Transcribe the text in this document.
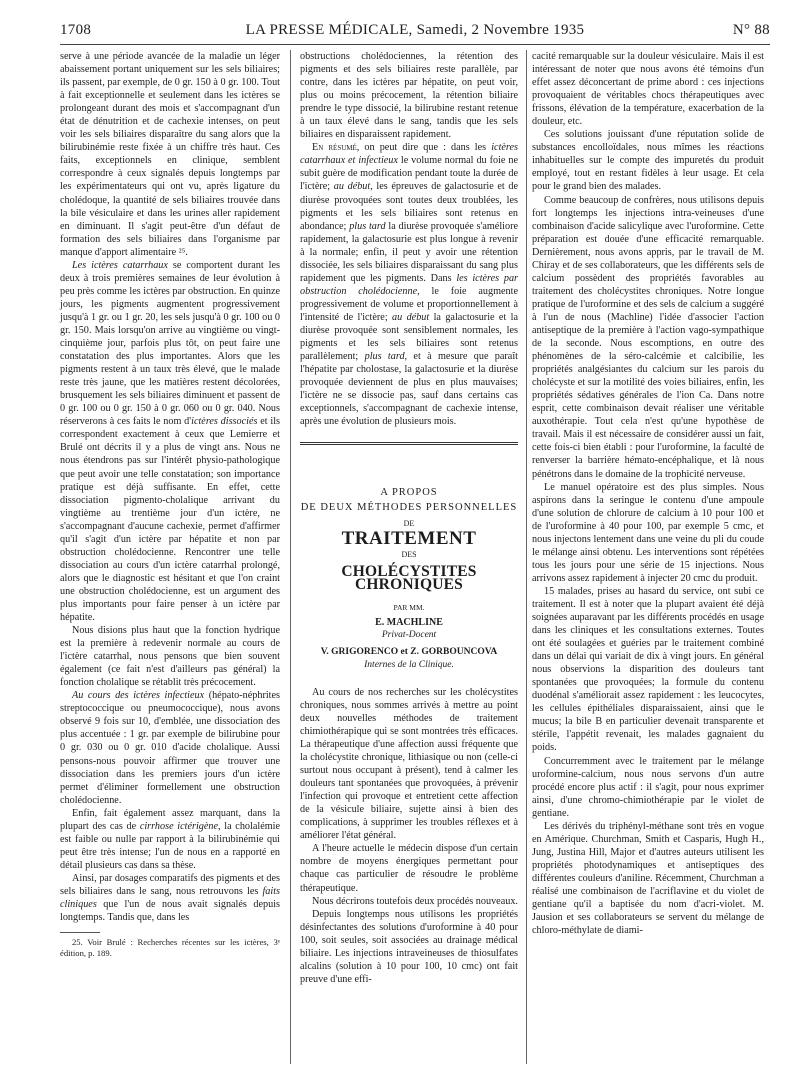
1708	LA PRESSE MÉDICALE, Samedi, 2 Novembre 1935	N° 88

serve à une période avancée de la maladie un léger abaissement portant uniquement sur les sels biliaires; ils passent, par exemple, de 0 gr. 150 à 0 gr. 100. Tout à fait exceptionnelle et seulement dans les ictères se prolongeant durant des mois et s'accompagnant d'un état de dénutrition et de cachexie intenses, on peut voir les sels biliaires disparaître du sang alors que la bilirubinémie reste fixée à un chiffre très haut. Ces faits, exceptionnels en clinique, semblent correspondre à ceux signalés depuis longtemps par les expérimentateurs qui ont vu, après ligature du cholédoque, la quantité de sels biliaires trouvée dans la bile vésiculaire et dans les urines aller rapidement en diminuant. Il s'agit peut-être d'un défaut de formation des sels biliaires dans l'organisme par manque d'apport alimentaire ²⁵.

Les ictères catarrhaux se comportent durant les deux à trois premières semaines de leur évolution à peu près comme les ictères par obstruction. En quinze jours, les pigments augmentent progressivement jusqu'à 1 gr. ou 1 gr. 20, les sels jusqu'à 0 gr. 100 ou 0 gr. 150. Mais lorsqu'on arrive au vingtième ou vingt-cinquième jour, parfois plus tôt, on peut faire une constatation des plus importantes. Alors que les pigments restent à un taux très élevé, que le malade reste très jaune, que les matières restent décolorées, brusquement les sels biliaires diminuent et passent de 0 gr. 100 ou 0 gr. 150 à 0 gr. 060 ou 0 gr. 040. Nous réserverons à ces faits le nom d'ictères dissociés et ils correspondent exactement à ceux que Lemierre et Brulé ont décrits il y a plus de vingt ans. Nous ne nous étendrons pas sur l'intérêt physio-pathologique que peut avoir une telle constatation; son importance pratique est déjà suffisante. En effet, cette dissociation pigmento-cholalique arrivant du vingtième au trentième jour d'un ictère, ne s'accompagnant d'aucune cachexie, permet d'affirmer qu'il s'agit d'un ictère par hépatite et non par obstruction cholédocienne. Rencontrer une telle dissociation au cours d'un ictère catarrhal prolongé, alors que le diagnostic est hésitant et que l'on craint une obstruction cholédocienne, est un argument des plus importants pour faire penser à un ictère par hépatite.

Nous disions plus haut que la fonction hydrique est la première à redevenir normale au cours de l'ictère catarrhal, nous pensons que bien souvent également (ce fait n'est d'ailleurs pas général) la fonction cholalique se rétablit très précocement.

Au cours des ictères infectieux (hépato-néphrites streptococcique ou pneumococcique), nous avons observé 9 fois sur 10, d'emblée, une dissociation des plus accentuée : 1 gr. par exemple de bilirubine pour 0 gr. 030 ou 0 gr. 010 d'acide cholalique. Aussi pensons-nous pouvoir affirmer que trouver une dissociation dans les premiers jours d'un ictère permet d'éliminer formellement une obstruction cholédocienne.

Enfin, fait également assez marquant, dans la plupart des cas de cirrhose ictérigène, la cholalémie est faible ou nulle par rapport à la bilirubinémie qui peut être très intense; l'un de nous en a rapporté en détail plusieurs cas dans sa thèse.

Ainsi, par dosages comparatifs des pigments et des sels biliaires dans le sang, nous retrouvons les faits cliniques que l'un de nous avait signalés depuis longtemps. Tandis que, dans les

25. Voir Brulé : Recherches récentes sur les ictères, 3ᵉ édition, p. 189.

obstructions cholédociennes, la rétention des pigments et des sels biliaires reste parallèle, par contre, dans les ictères par hépatite, on peut voir, plus ou moins précocement, la rétention biliaire prendre le type dissocié, la bilirubine restant retenue à un taux élevé dans le sang, tandis que les sels biliaires en disparaissent rapidement.

En résumé, on peut dire que : dans les ictères catarrhaux et infectieux le volume normal du foie ne subit guère de modification pendant toute la durée de l'ictère; au début, les épreuves de galactosurie et de diurèse provoquées sont toutes deux troublées, les pigments et les sels biliaires sont retenus en abondance; plus tard la diurèse provoquée s'améliore rapidement, la galactosurie est plus longue à revenir à la normale; enfin, il peut y avoir une rétention dissociée, les sels biliaires disparaissant du sang plus rapidement que les pigments. Dans les ictères par obstruction cholédocienne, le foie augmente progressivement de volume et proportionnellement à l'intensité de l'ictère; au début la galactosurie et la diurèse provoquée sont sensiblement normales, les pigments et les sels biliaires sont retenus parallèlement; plus tard, et à mesure que paraît l'hépatite par cholostase, la galactosurie et la diurèse provoquée deviennent de plus en plus mauvaises; l'ictère ne se dissocie pas, sauf dans certains cas exceptionnels, s'accompagnant de cachexie intense, après une évolution de plusieurs mois.

A PROPOS
DE DEUX MÉTHODES PERSONNELLES
DE
TRAITEMENT
DES
CHOLÉCYSTITES CHRONIQUES
PAR MM.
E. MACHLINE
Privat-Docent
V. GRIGORENCO et Z. GORBOUNCOVA
Internes de la Clinique.

Au cours de nos recherches sur les cholécystites chroniques, nous sommes arrivés à mettre au point deux nouvelles méthodes de traitement chimiothérapique qui se sont montrées très efficaces. La thérapeutique d'une affection aussi fréquente que la cholécystite chronique, lithiasique ou non (celle-ci surtout nous occupant à présent), tend à calmer les douleurs tant spontanées que provoquées, à prévenir l'infection qui provoque et entretient cette affection de la vésicule biliaire, sujette ainsi à bien des complications, à supprimer les troubles réflexes et à améliorer l'état général.

A l'heure actuelle le médecin dispose d'un certain nombre de moyens énergiques permettant pour chaque cas particulier de résoudre le problème thérapeutique.

Nous décrirons toutefois deux procédés nouveaux.

Depuis longtemps nous utilisons les propriétés désinfectantes des solutions d'uroformine à 40 pour 100, soit seules, soit associées au drainage médical biliaire. Les injections intraveineuses de thiosulfates alcalins (solution à 10 pour 100, 10 cmc) ont fait preuve d'une effi-

cacité remarquable sur la douleur vésiculaire. Mais il est intéressant de noter que nous avons été témoins d'un effet assez déconcertant de prime abord : ces injections provoquaient de véritables chocs thérapeutiques avec frissons, élévation de la température, exacerbation de la douleur, etc.

Ces solutions jouissant d'une réputation solide de substances encolloïdales, nous mîmes les réactions inhabituelles sur le compte des impuretés du produit employé, tout en restant fidèles à leur usage. Et cela pour le grand bien des malades.

Comme beaucoup de confrères, nous utilisons depuis fort longtemps les injections intra-veineuses d'une combinaison d'acide salicylique avec l'uroformine. Cette préparation est douée d'une efficacité remarquable. Dernièrement, nous avons appris, par le travail de M. Chiray et de ses collaborateurs, que les différents sels de calcium possèdent des propriétés favorables au traitement des cholécystites chroniques. Notre longue pratique de l'uroformine et des sels de calcium a suggéré à l'un de nous (Machline) l'idée d'associer l'action antiseptique de la première à l'action vago-sympathique de la seconde. Nous escomptions, en outre des phénomènes de la séro-calcémie et calcibilie, les propriétés analgésiantes du calcium sur les parois du cholécyste et sur la motilité des voies biliaires, enfin, les propriétés sédatives générales de l'ion Ca. Dans notre esprit, cette combinaison devait réaliser une véritable auxothérapie. Tout cela n'est qu'une hypothèse de travail. Mais il est nécessaire de considérer aussi un fait, cette fois-ci bien établi : pour l'uroformine, la faculté de renverser la barrière hémato-encéphalique, et là nous pénétrons dans le domaine de la trophicité nerveuse.

Le manuel opératoire est des plus simples. Nous aspirons dans la seringue le contenu d'une ampoule d'une solution de chlorure de calcium à 10 pour 100 et de l'uroformine à 40 pour 100, par exemple 5 cmc, et nous injectons lentement dans une veine du pli du coude le mélange ainsi obtenu. Les interventions sont répétées tous les jours pour une série de 15 injections. Nous arrivons assez rapidement à injecter 20 cmc du produit.

15 malades, prises au hasard du service, ont subi ce traitement. Il est à noter que la plupart avaient été déjà soignées auparavant par les différents procédés en usage dans les cliniques et les consultations externes. Toutes ont été soulagées et guéries par le traitement combiné dans un délai qui variait de dix à vingt jours. En général nous observions la disparition des douleurs tant spontanées que provoquées; la formule du contenu duodénal s'améliorait assez rapidement : les leucocytes, les cellules épithéliales disparaissaient, ainsi que le mucus; la bile B en particulier devenait transparente et stérile, l'appétit revenait, les malades gagnaient du poids.

Concurremment avec le traitement par le mélange uroformine-calcium, nous nous servons d'un autre procédé encore plus actif : il s'agit, pour nous exprimer ainsi, d'une chromo-chimiothérapie par le violet de gentiane.

Les dérivés du triphényl-méthane sont très en vogue en Amérique. Churchman, Smith et Casparis, Hugh H., Jung, Justina Hill, Major et d'autres auteurs utilisent les propriétés photodynamiques et antiseptiques des différentes couleurs d'aniline. Récemment, Churchman a réalisé une combinaison de l'acriflavine et du violet de gentiane qu'il a baptisée du nom d'acri-violet. M. Jausion et ses collaborateurs se servent du mélange de chloro-méthylate de diami-
